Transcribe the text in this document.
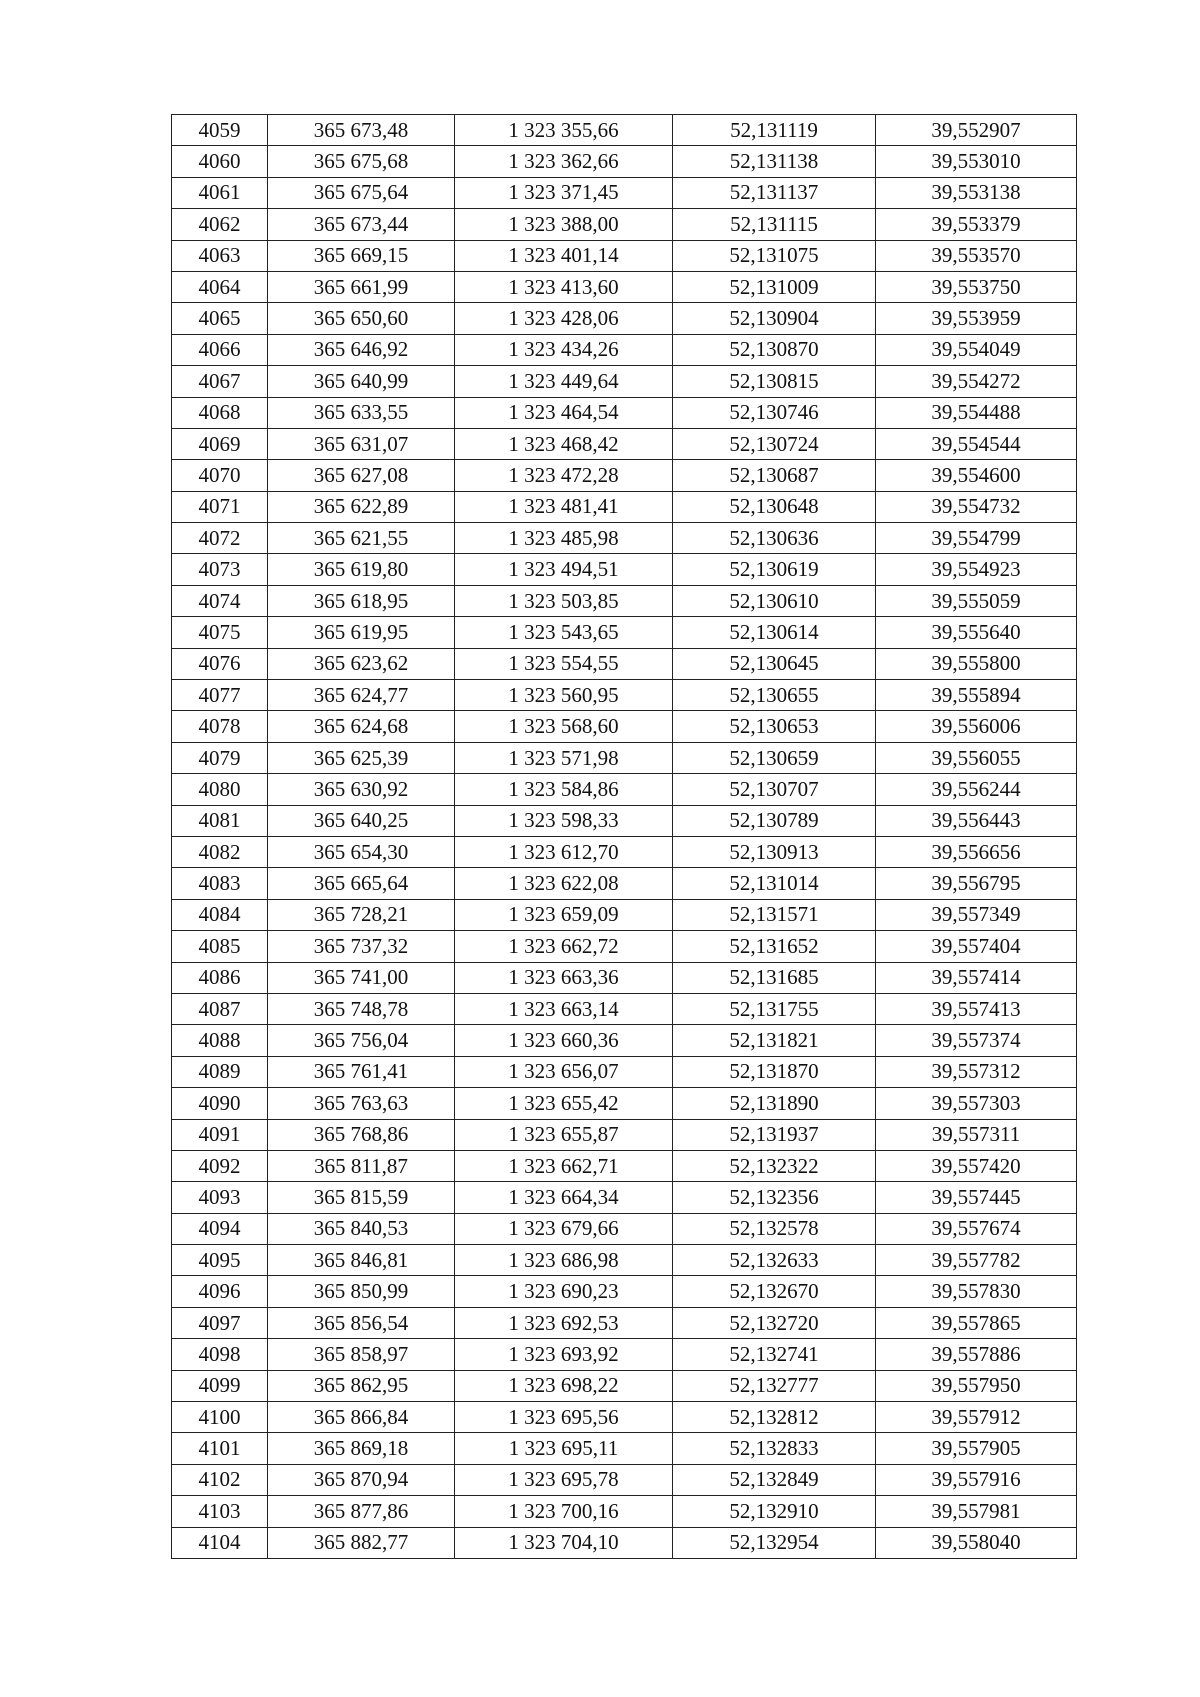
4059	365 673,48	1 323 355,66	52,131119	39,552907
4060	365 675,68	1 323 362,66	52,131138	39,553010
4061	365 675,64	1 323 371,45	52,131137	39,553138
4062	365 673,44	1 323 388,00	52,131115	39,553379
4063	365 669,15	1 323 401,14	52,131075	39,553570
4064	365 661,99	1 323 413,60	52,131009	39,553750
4065	365 650,60	1 323 428,06	52,130904	39,553959
4066	365 646,92	1 323 434,26	52,130870	39,554049
4067	365 640,99	1 323 449,64	52,130815	39,554272
4068	365 633,55	1 323 464,54	52,130746	39,554488
4069	365 631,07	1 323 468,42	52,130724	39,554544
4070	365 627,08	1 323 472,28	52,130687	39,554600
4071	365 622,89	1 323 481,41	52,130648	39,554732
4072	365 621,55	1 323 485,98	52,130636	39,554799
4073	365 619,80	1 323 494,51	52,130619	39,554923
4074	365 618,95	1 323 503,85	52,130610	39,555059
4075	365 619,95	1 323 543,65	52,130614	39,555640
4076	365 623,62	1 323 554,55	52,130645	39,555800
4077	365 624,77	1 323 560,95	52,130655	39,555894
4078	365 624,68	1 323 568,60	52,130653	39,556006
4079	365 625,39	1 323 571,98	52,130659	39,556055
4080	365 630,92	1 323 584,86	52,130707	39,556244
4081	365 640,25	1 323 598,33	52,130789	39,556443
4082	365 654,30	1 323 612,70	52,130913	39,556656
4083	365 665,64	1 323 622,08	52,131014	39,556795
4084	365 728,21	1 323 659,09	52,131571	39,557349
4085	365 737,32	1 323 662,72	52,131652	39,557404
4086	365 741,00	1 323 663,36	52,131685	39,557414
4087	365 748,78	1 323 663,14	52,131755	39,557413
4088	365 756,04	1 323 660,36	52,131821	39,557374
4089	365 761,41	1 323 656,07	52,131870	39,557312
4090	365 763,63	1 323 655,42	52,131890	39,557303
4091	365 768,86	1 323 655,87	52,131937	39,557311
4092	365 811,87	1 323 662,71	52,132322	39,557420
4093	365 815,59	1 323 664,34	52,132356	39,557445
4094	365 840,53	1 323 679,66	52,132578	39,557674
4095	365 846,81	1 323 686,98	52,132633	39,557782
4096	365 850,99	1 323 690,23	52,132670	39,557830
4097	365 856,54	1 323 692,53	52,132720	39,557865
4098	365 858,97	1 323 693,92	52,132741	39,557886
4099	365 862,95	1 323 698,22	52,132777	39,557950
4100	365 866,84	1 323 695,56	52,132812	39,557912
4101	365 869,18	1 323 695,11	52,132833	39,557905
4102	365 870,94	1 323 695,78	52,132849	39,557916
4103	365 877,86	1 323 700,16	52,132910	39,557981
4104	365 882,77	1 323 704,10	52,132954	39,558040
